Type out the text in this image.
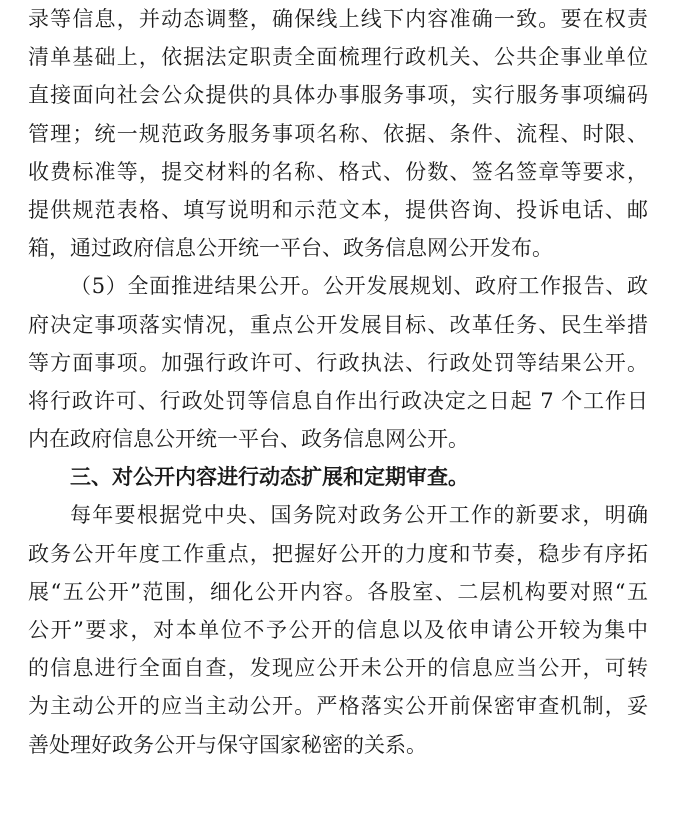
录等信息，并动态调整，确保线上线下内容准确一致。要在权责
清单基础上，依据法定职责全面梳理行政机关、公共企事业单位
直接面向社会公众提供的具体办事服务事项，实行服务事项编码
管理；统一规范政务服务事项名称、依据、条件、流程、时限、
收费标准等，提交材料的名称、格式、份数、签名签章等要求，
提供规范表格、填写说明和示范文本，提供咨询、投诉电话、邮
箱，通过政府信息公开统一平台、政务信息网公开发布。
（5）全面推进结果公开。公开发展规划、政府工作报告、政
府决定事项落实情况，重点公开发展目标、改革任务、民生举措
等方面事项。加强行政许可、行政执法、行政处罚等结果公开。
将行政许可、行政处罚等信息自作出行政决定之日起 7 个工作日
内在政府信息公开统一平台、政务信息网公开。
三、对公开内容进行动态扩展和定期审查。
每年要根据党中央、国务院对政务公开工作的新要求，明确
政务公开年度工作重点，把握好公开的力度和节奏，稳步有序拓
展“五公开”范围，细化公开内容。各股室、二层机构要对照“五
公开”要求，对本单位不予公开的信息以及依申请公开较为集中
的信息进行全面自查，发现应公开未公开的信息应当公开，可转
为主动公开的应当主动公开。严格落实公开前保密审查机制，妥
善处理好政务公开与保守国家秘密的关系。
